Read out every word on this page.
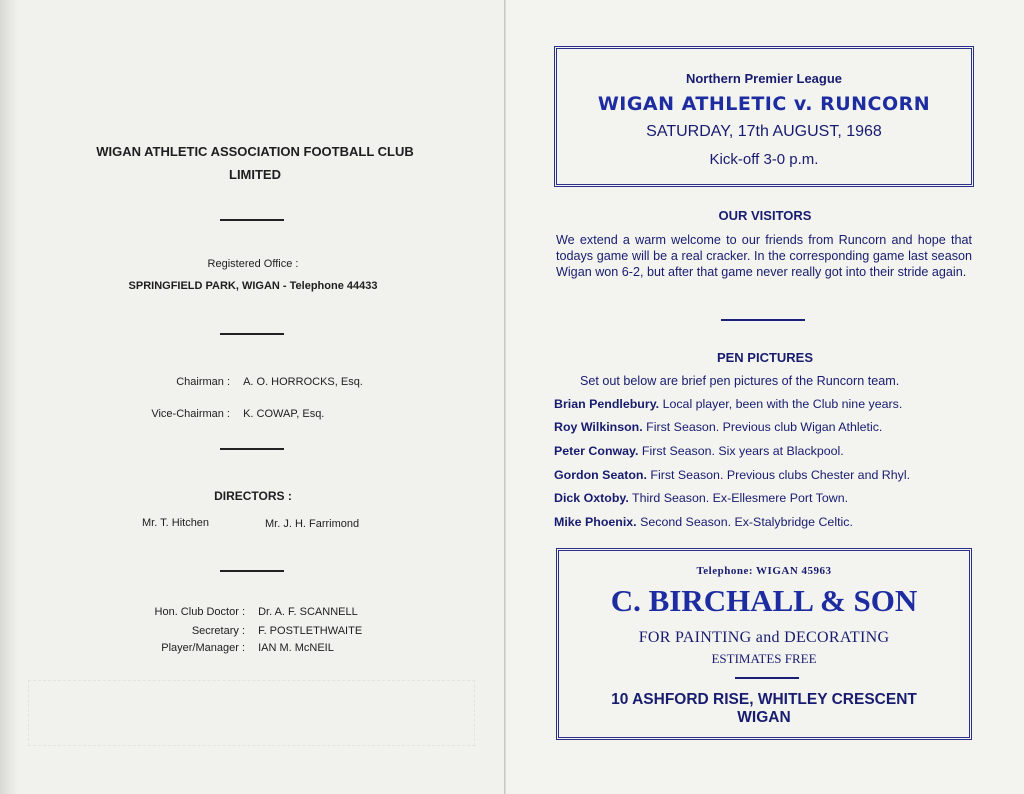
WIGAN ATHLETIC ASSOCIATION FOOTBALL CLUB
LIMITED
Registered Office :
SPRINGFIELD PARK, WIGAN - Telephone 44433
Chairman : A. O. HORROCKS, Esq.
Vice-Chairman : K. COWAP, Esq.
DIRECTORS :
Mr. T. Hitchen	Mr. J. H. Farrimond
Hon. Club Doctor : Dr. A. F. SCANNELL
Secretary : F. POSTLETHWAITE
Player/Manager : IAN M. McNEIL
Northern Premier League
WIGAN ATHLETIC v. RUNCORN
SATURDAY, 17th AUGUST, 1968
Kick-off 3-0 p.m.
OUR VISITORS
We extend a warm welcome to our friends from Runcorn and hope that todays game will be a real cracker. In the corresponding game last season Wigan won 6-2, but after that game never really got into their stride again.
PEN PICTURES
Set out below are brief pen pictures of the Runcorn team.
Brian Pendlebury. Local player, been with the Club nine years.
Roy Wilkinson. First Season. Previous club Wigan Athletic.
Peter Conway. First Season. Six years at Blackpool.
Gordon Seaton. First Season. Previous clubs Chester and Rhyl.
Dick Oxtoby. Third Season. Ex-Ellesmere Port Town.
Mike Phoenix. Second Season. Ex-Stalybridge Celtic.
Telephone: WIGAN 45963
C. BIRCHALL & SON
FOR PAINTING and DECORATING
ESTIMATES FREE
10 ASHFORD RISE, WHITLEY CRESCENT
WIGAN
